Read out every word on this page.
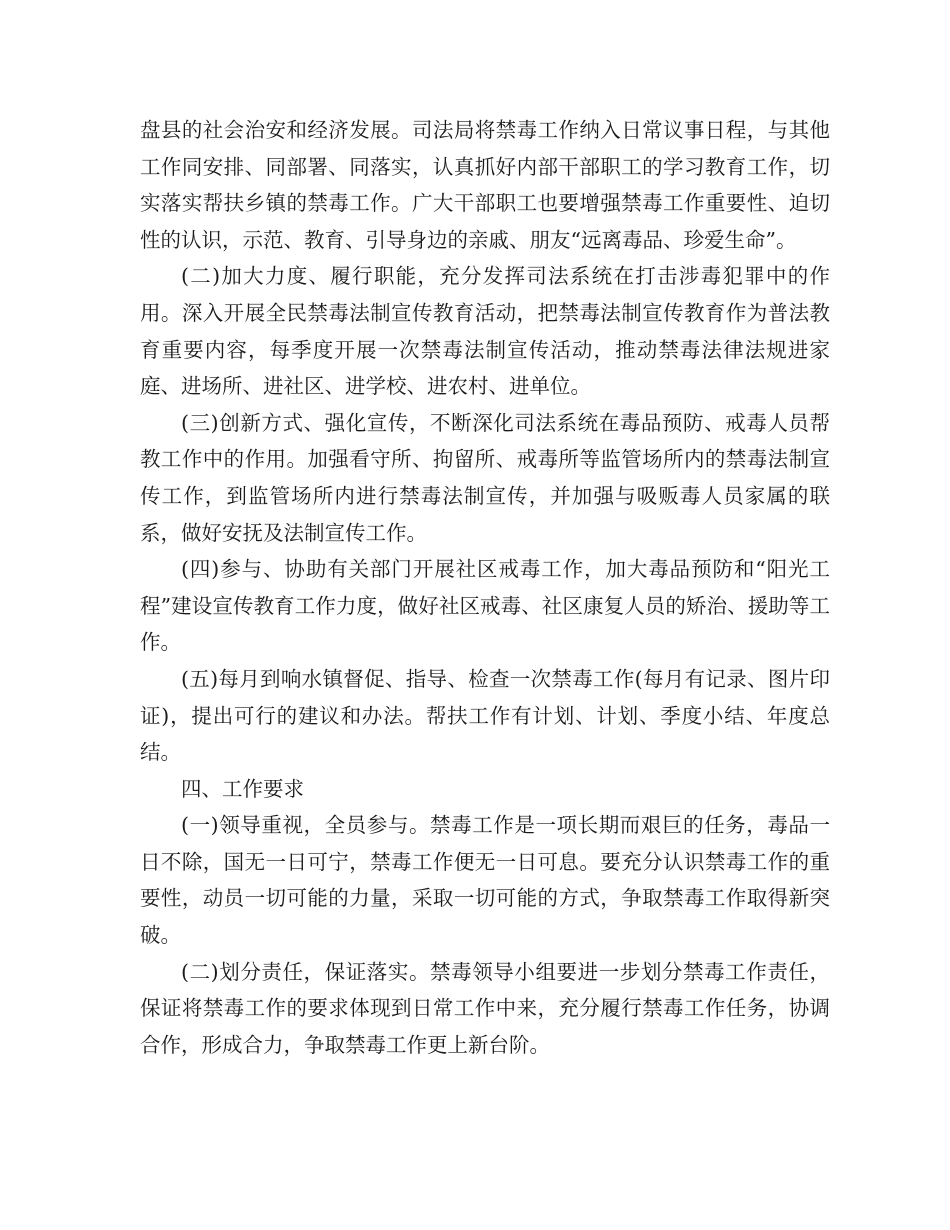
盘县的社会治安和经济发展。司法局将禁毒工作纳入日常议事日程，与其他工作同安排、同部署、同落实，认真抓好内部干部职工的学习教育工作，切实落实帮扶乡镇的禁毒工作。广大干部职工也要增强禁毒工作重要性、迫切性的认识，示范、教育、引导身边的亲戚、朋友“远离毒品、珍爱生命”。

(二)加大力度、履行职能，充分发挥司法系统在打击涉毒犯罪中的作用。深入开展全民禁毒法制宣传教育活动，把禁毒法制宣传教育作为普法教育重要内容，每季度开展一次禁毒法制宣传活动，推动禁毒法律法规进家庭、进场所、进社区、进学校、进农村、进单位。

(三)创新方式、强化宣传，不断深化司法系统在毒品预防、戒毒人员帮教工作中的作用。加强看守所、拘留所、戒毒所等监管场所内的禁毒法制宣传工作，到监管场所内进行禁毒法制宣传，并加强与吸贩毒人员家属的联系，做好安抚及法制宣传工作。

(四)参与、协助有关部门开展社区戒毒工作，加大毒品预防和“阳光工程”建设宣传教育工作力度，做好社区戒毒、社区康复人员的矫治、援助等工作。

(五)每月到响水镇督促、指导、检查一次禁毒工作(每月有记录、图片印证)，提出可行的建议和办法。帮扶工作有计划、计划、季度小结、年度总结。

四、工作要求

(一)领导重视，全员参与。禁毒工作是一项长期而艰巨的任务，毒品一日不除，国无一日可宁，禁毒工作便无一日可息。要充分认识禁毒工作的重要性，动员一切可能的力量，采取一切可能的方式，争取禁毒工作取得新突破。

(二)划分责任，保证落实。禁毒领导小组要进一步划分禁毒工作责任，保证将禁毒工作的要求体现到日常工作中来，充分履行禁毒工作任务，协调合作，形成合力，争取禁毒工作更上新台阶。
